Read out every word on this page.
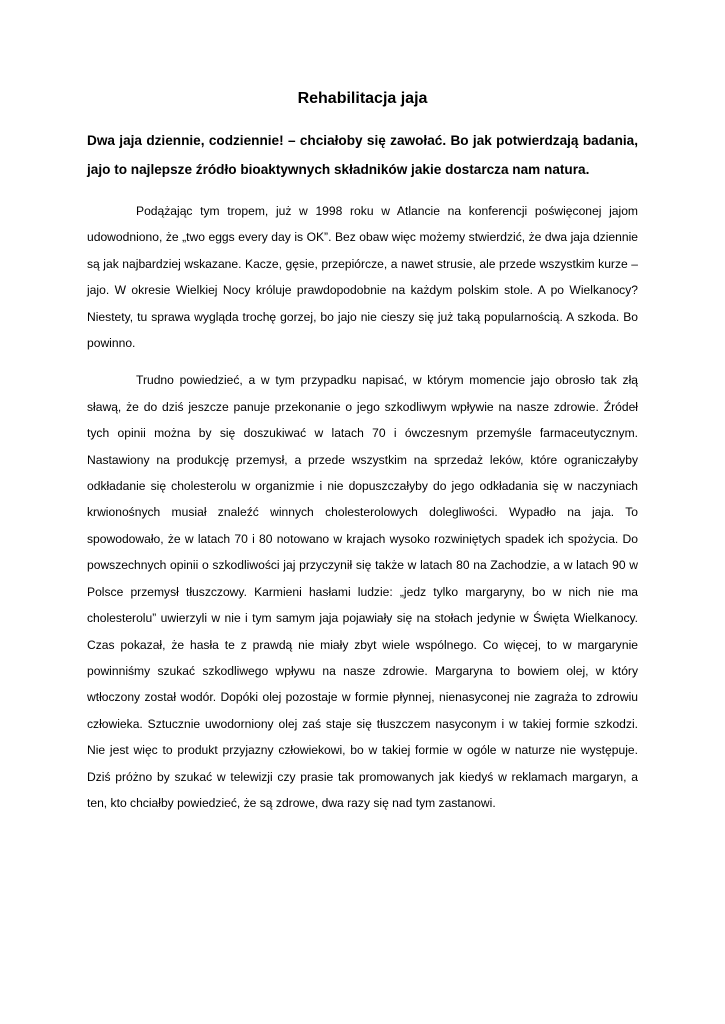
Rehabilitacja jaja

Dwa jaja dziennie, codziennie! – chciałoby się zawołać. Bo jak potwierdzają badania, jajo to najlepsze źródło bioaktywnych składników jakie dostarcza nam natura.

Podążając tym tropem, już w 1998 roku w Atlancie na konferencji poświęconej jajom udowodniono, że „two eggs every day is OK”. Bez obaw więc możemy stwierdzić, że dwa jaja dziennie są jak najbardziej wskazane. Kacze, gęsie, przepiórcze, a nawet strusie, ale przede wszystkim kurze – jajo. W okresie Wielkiej Nocy króluje prawdopodobnie na każdym polskim stole. A po Wielkanocy? Niestety, tu sprawa wygląda trochę gorzej, bo jajo nie cieszy się już taką popularnością. A szkoda. Bo powinno.

Trudno powiedzieć, a w tym przypadku napisać, w którym momencie jajo obrosło tak złą sławą, że do dziś jeszcze panuje przekonanie o jego szkodliwym wpływie na nasze zdrowie. Źródeł tych opinii można by się doszukiwać w latach 70 i ówczesnym przemyśle farmaceutycznym. Nastawiony na produkcję przemysł, a przede wszystkim na sprzedaż leków, które ograniczałyby odkładanie się cholesterolu w organizmie i nie dopuszczałyby do jego odkładania się w naczyniach krwionośnych musiał znaleźć winnych cholesterolowych dolegliwości. Wypadło na jaja. To spowodowało, że w latach 70 i 80 notowano w krajach wysoko rozwiniętych spadek ich spożycia. Do powszechnych opinii o szkodliwości jaj przyczynił się także w latach 80 na Zachodzie, a w latach 90 w Polsce przemysł tłuszczowy. Karmieni hasłami ludzie: „jedz tylko margaryny, bo w nich nie ma cholesterolu” uwierzyli w nie i tym samym jaja pojawiały się na stołach jedynie w Święta Wielkanocy. Czas pokazał, że hasła te z prawdą nie miały zbyt wiele wspólnego. Co więcej, to w margarynie powinniśmy szukać szkodliwego wpływu na nasze zdrowie. Margaryna to bowiem olej, w który wtłoczony został wodór. Dopóki olej pozostaje w formie płynnej, nienasyconej nie zagraża to zdrowiu człowieka. Sztucznie uwodorniony olej zaś staje się tłuszczem nasyconym i w takiej formie szkodzi. Nie jest więc to produkt przyjazny człowiekowi, bo w takiej formie w ogóle w naturze nie występuje. Dziś próżno by szukać w telewizji czy prasie tak promowanych jak kiedyś w reklamach margaryn, a ten, kto chciałby powiedzieć, że są zdrowe, dwa razy się nad tym zastanowi.
